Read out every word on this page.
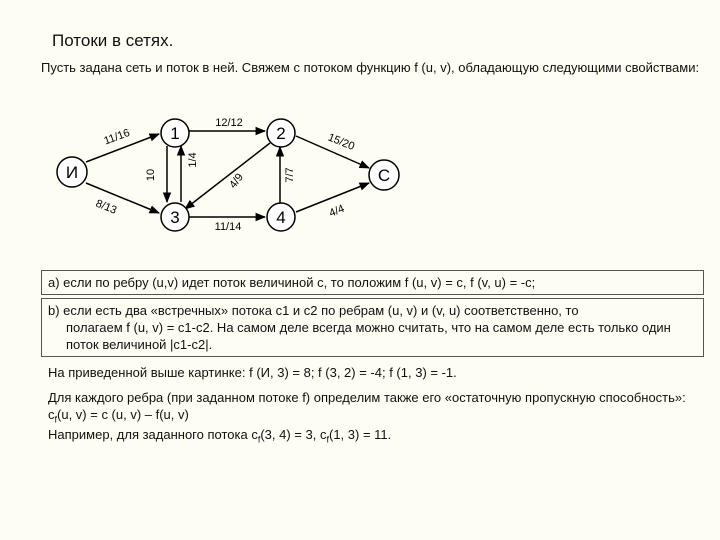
Потоки в сетях.
Пусть задана сеть и поток в ней. Свяжем с потоком функцию f (u, v), обладающую следующими свойствами:
И
1	2
3	4
С
11/16
8/13
12/12
10
1/4
4/9	7/7
15/20
11/14
4/4
a) если по ребру (u,v) идет поток величиной c, то положим f (u, v) = c, f (v, u) = -c;
b) если есть два «встречных» потока c1 и c2 по ребрам (u, v) и (v, u) соответственно, то
полагаем f (u, v) = c1-c2. На самом деле всегда можно считать, что на самом деле есть только один поток величиной |c1-c2|.
На приведенной выше картинке: f (И, 3) = 8; f (3, 2) = -4; f (1, 3) = -1.
Для каждого ребра (при заданном потоке f) определим также его «остаточную пропускную способность»: $c_f(u$, v) = c (u, v) – f(u, v)
Например, для заданного потока $c_f(3$, 4) = 3, $c_f(1$, 3) = 11.
